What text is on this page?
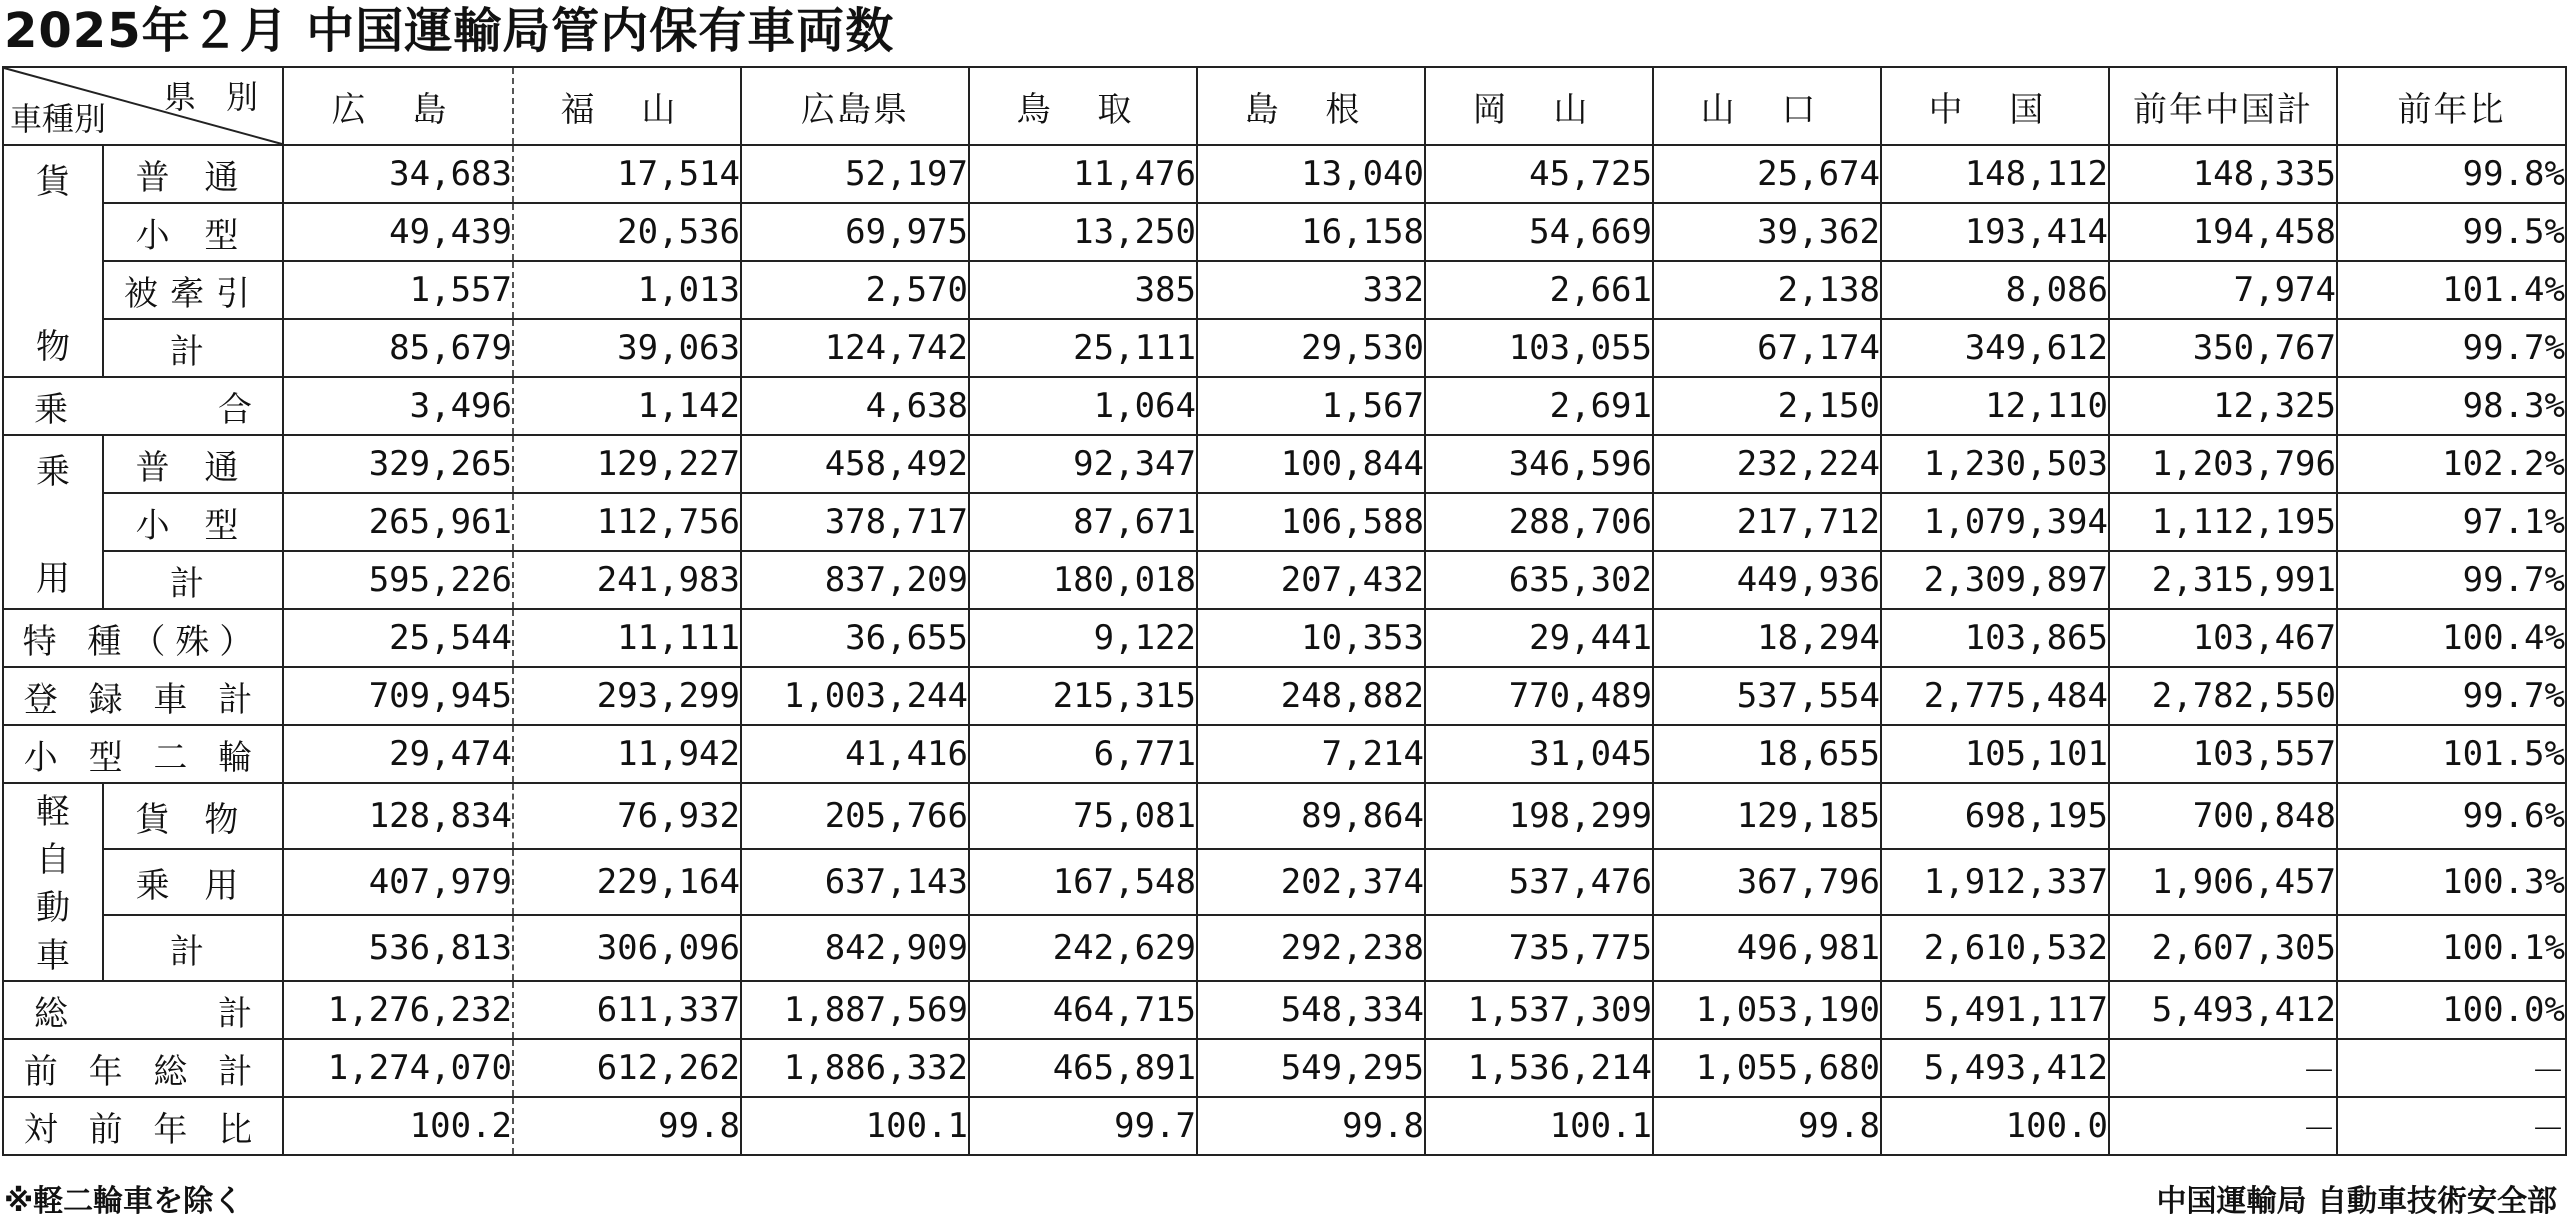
2025年２月 中国運輸局管内保有車両数
県 別
車種別		広 島	福 山	広島県	鳥 取	島 根	岡 山	山 口	中 国	前年中国計	前年比

貨
物	普 通	34,683	17,514	52,197	11,476	13,040	45,725	25,674	148,112	148,335	99.8%
	小 型	49,439	20,536	69,975	13,250	16,158	54,669	39,362	193,414	194,458	99.5%
	被牽引	1,557	1,013	2,570	385	332	2,661	2,138	8,086	7,974	101.4%
	計	85,679	39,063	124,742	25,111	29,530	103,055	67,174	349,612	350,767	99.7%

乗 合		3,496	1,142	4,638	1,064	1,567	2,691	2,150	12,110	12,325	98.3%

乗
用	普 通	329,265	129,227	458,492	92,347	100,844	346,596	232,224	1,230,503	1,203,796	102.2%
	小 型	265,961	112,756	378,717	87,671	106,588	288,706	217,712	1,079,394	1,112,195	97.1%
	計	595,226	241,983	837,209	180,018	207,432	635,302	449,936	2,309,897	2,315,991	99.7%

特 種（殊）		25,544	11,111	36,655	9,122	10,353	29,441	18,294	103,865	103,467	100.4%

登 録 車 計		709,945	293,299	1,003,244	215,315	248,882	770,489	537,554	2,775,484	2,782,550	99.7%

小 型 二 輪		29,474	11,942	41,416	6,771	7,214	31,045	18,655	105,101	103,557	101.5%

軽
自
動
車	貨 物	128,834	76,932	205,766	75,081	89,864	198,299	129,185	698,195	700,848	99.6%
	乗 用	407,979	229,164	637,143	167,548	202,374	537,476	367,796	1,912,337	1,906,457	100.3%
	計	536,813	306,096	842,909	242,629	292,238	735,775	496,981	2,610,532	2,607,305	100.1%

総 計		1,276,232	611,337	1,887,569	464,715	548,334	1,537,309	1,053,190	5,491,117	5,493,412	100.0%

前 年 総 計		1,274,070	612,262	1,886,332	465,891	549,295	1,536,214	1,055,680	5,493,412	－	－

対 前 年 比		100.2	99.8	100.1	99.7	99.8	100.1	99.8	100.0	－	－
※軽二輪車を除く	中国運輸局 自動車技術安全部
